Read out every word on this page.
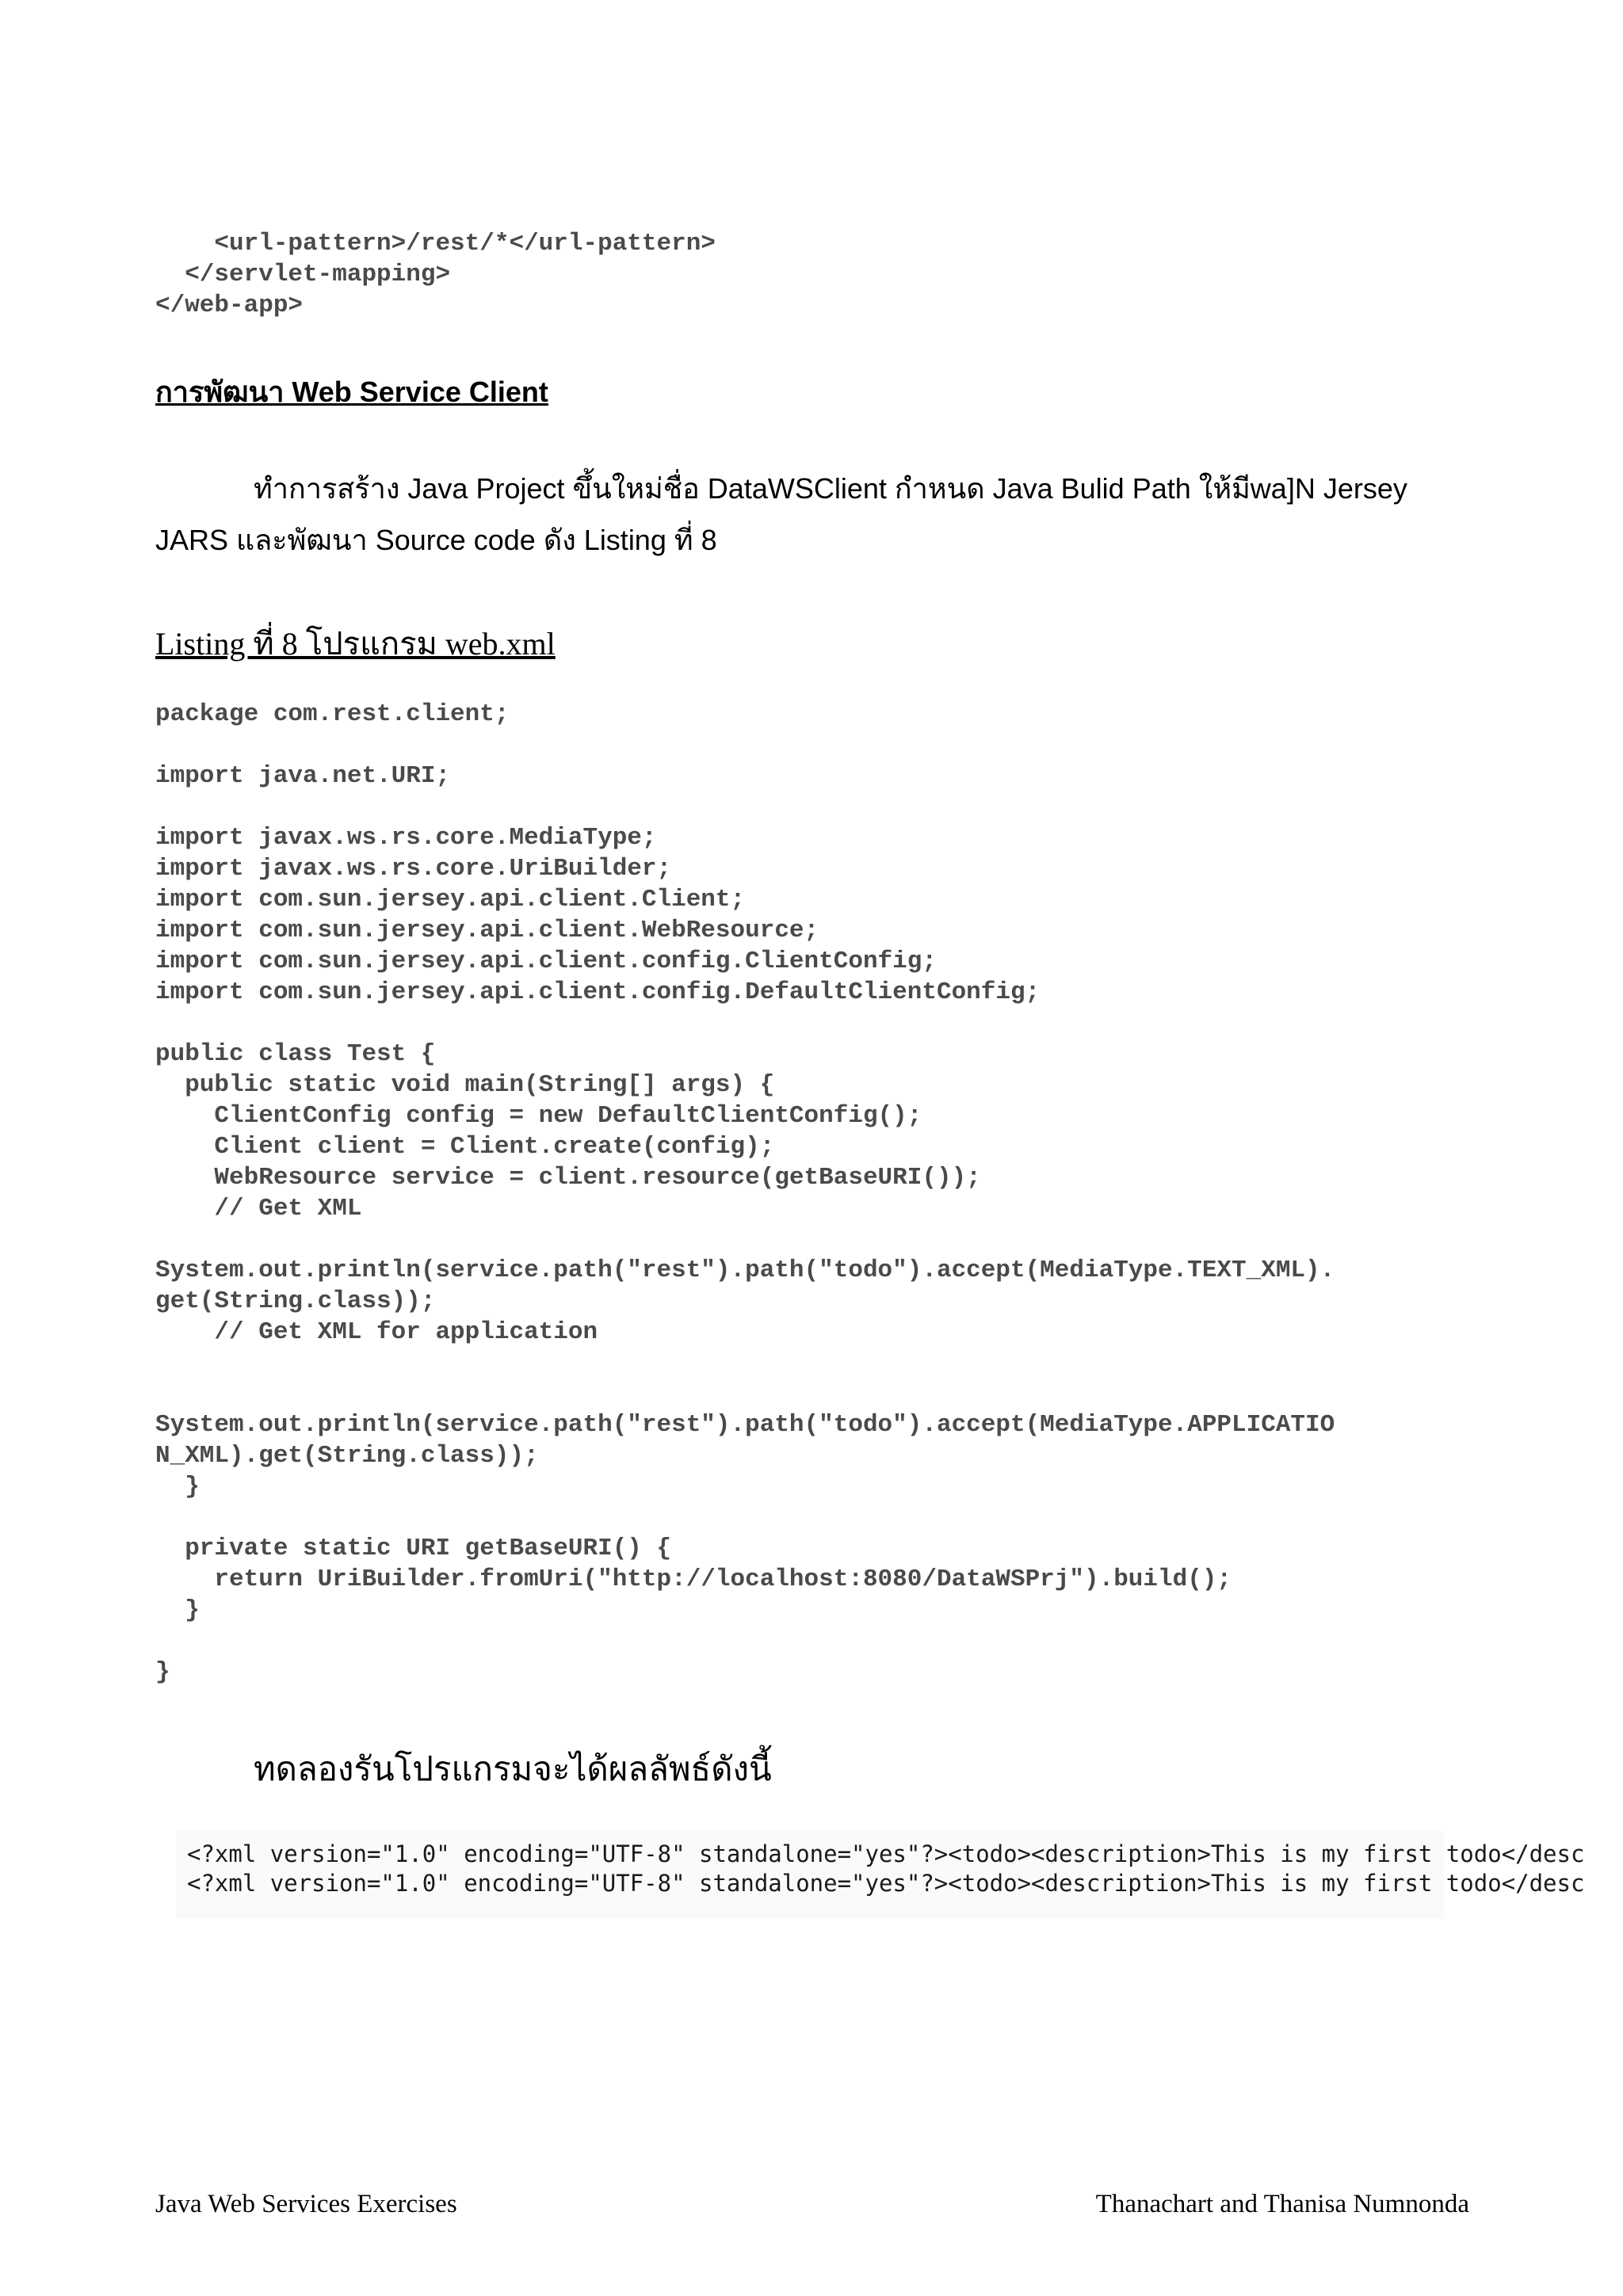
<url-pattern>/rest/*</url-pattern>
</servlet-mapping>
</web-app>
การพัฒนา Web Service Client
ทำการสร้าง Java Project ขึ้นใหม่ชื่อ DataWSClient กำหนด Java Bulid Path ให้มีwa]N Jersey
JARS และพัฒนา Source code ดัง Listing ที่ 8
Listing ที่ 8 โปรแกรม web.xml
package com.rest.client;

import java.net.URI;

import javax.ws.rs.core.MediaType;
import javax.ws.rs.core.UriBuilder;
import com.sun.jersey.api.client.Client;
import com.sun.jersey.api.client.WebResource;
import com.sun.jersey.api.client.config.ClientConfig;
import com.sun.jersey.api.client.config.DefaultClientConfig;

public class Test {
public static void main(String[] args) {
ClientConfig config = new DefaultClientConfig();
Client client = Client.create(config);
WebResource service = client.resource(getBaseURI());
// Get XML

System.out.println(service.path("rest").path("todo").accept(MediaType.TEXT_XML).
get(String.class));
// Get XML for application

System.out.println(service.path("rest").path("todo").accept(MediaType.APPLICATIO
N_XML).get(String.class));
}

private static URI getBaseURI() {
return UriBuilder.fromUri("http://localhost:8080/DataWSPrj").build();
}

}
ทดลองรันโปรแกรมจะได้ผลลัพธ์ดังนี้
<?xml version="1.0" encoding="UTF-8" standalone="yes"?><todo><description>This is my first todo</desc
<?xml version="1.0" encoding="UTF-8" standalone="yes"?><todo><description>This is my first todo</desc
Java Web Services Exercises	Thanachart and Thanisa Numnonda
